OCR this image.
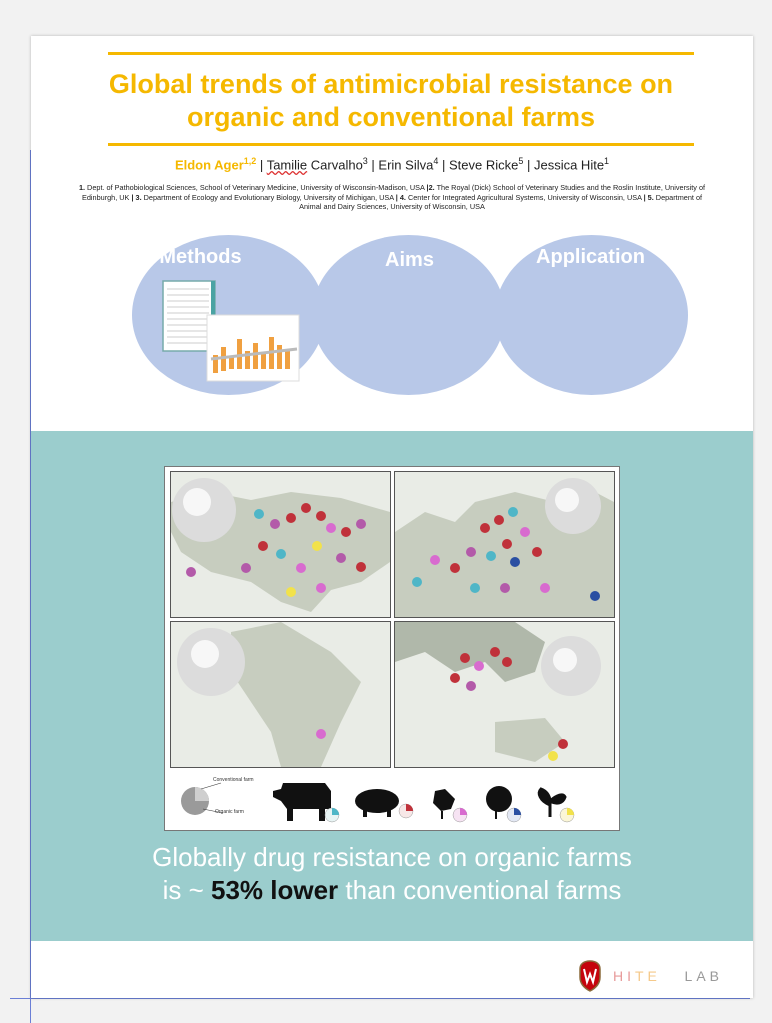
Global trends of antimicrobial resistance on
organic and conventional farms
Eldon Ager$^{1,2}$ | Tamilie Carvalho$^3$ | Erin Silva$^4$ | Steve Ricke$^5$ | Jessica Hite$^1$
1. Dept. of Pathobiological Sciences, School of Veterinary Medicine, University of Wisconsin-Madison, USA |2. The Royal (Dick) School of Veterinary Studies and the Roslin Institute, University of Edinburgh, UK | 3. Department of Ecology and Evolutionary Biology, University of Michigan, USA | 4. Center for Integrated Agricultural Systems, University of Wisconsin, USA | 5. Department of Animal and Dairy Sciences, University of Wisconsin, USA
Methods	Aims	Application
Conventional farm
Organic farm
Globally drug resistance on organic farms
is ~ 53% lower than conventional farms
HITE LAB
